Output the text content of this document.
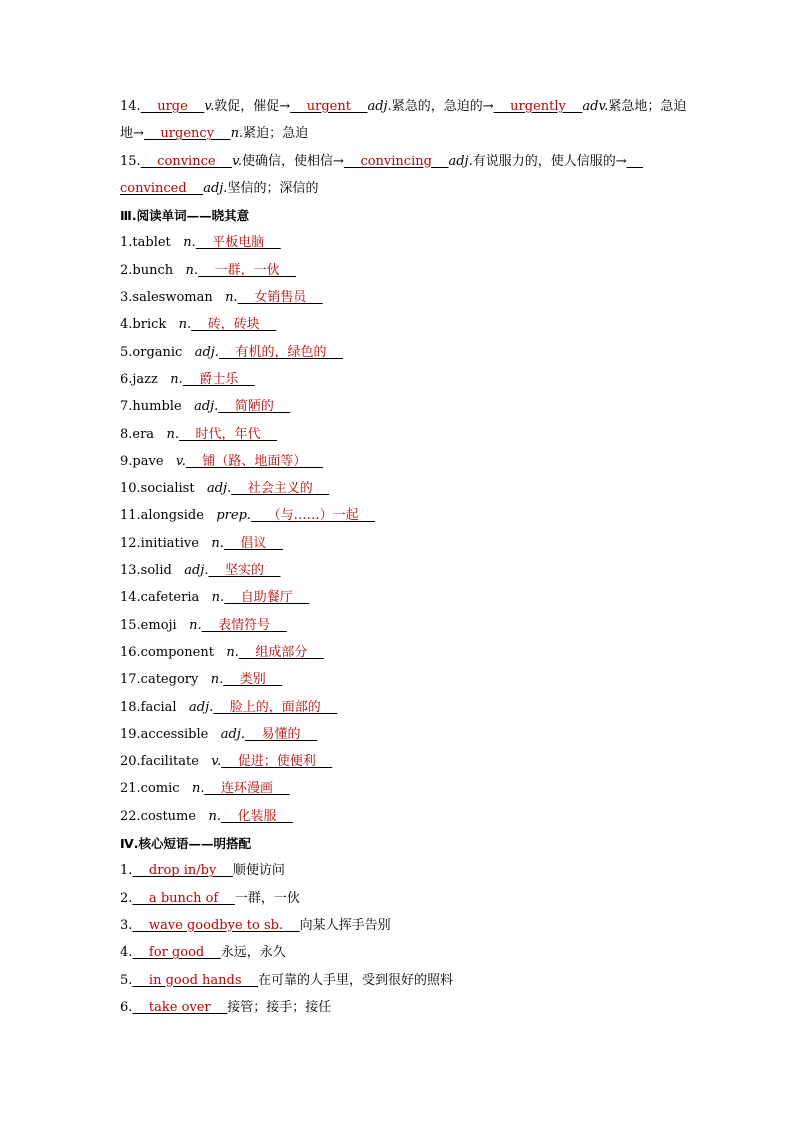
14.    urge    v.敦促，催促→    urgent    adj.紧急的，急迫的→    urgently    adv.紧急地；急迫
地→    urgency    n.紧迫；急迫
15.    convince    v.使确信，使相信→    convincing    adj.有说服力的，使人信服的→
convinced    adj.坚信的；深信的
Ⅲ.阅读单词——晓其意
1.tablet n.    平板电脑
2.bunch n.    一群，一伙
3.saleswoman n.    女销售员
4.brick n.    砖，砖块
5.organic adj.    有机的，绿色的
6.jazz n.    爵士乐
7.humble adj.    简陋的
8.era n.    时代，年代
9.pave v.    铺（路、地面等）
10.socialist adj.    社会主义的
11.alongside prep.    （与……）一起
12.initiative n.    倡议
13.solid adj.    坚实的
14.cafeteria n.    自助餐厅
15.emoji n.    表情符号
16.component n.    组成部分
17.category n.    类别
18.facial adj.    脸上的，面部的
19.accessible adj.    易懂的
20.facilitate v.    促进；使便利
21.comic n.    连环漫画
22.costume n.    化装服
Ⅳ.核心短语——明搭配
1.    drop in/by    顺便访问
2.    a bunch of    一群，一伙
3.    wave goodbye to sb.    向某人挥手告别
4.    for good    永远，永久
5.    in good hands    在可靠的人手里，受到很好的照料
6.    take over    接管；接手；接任
